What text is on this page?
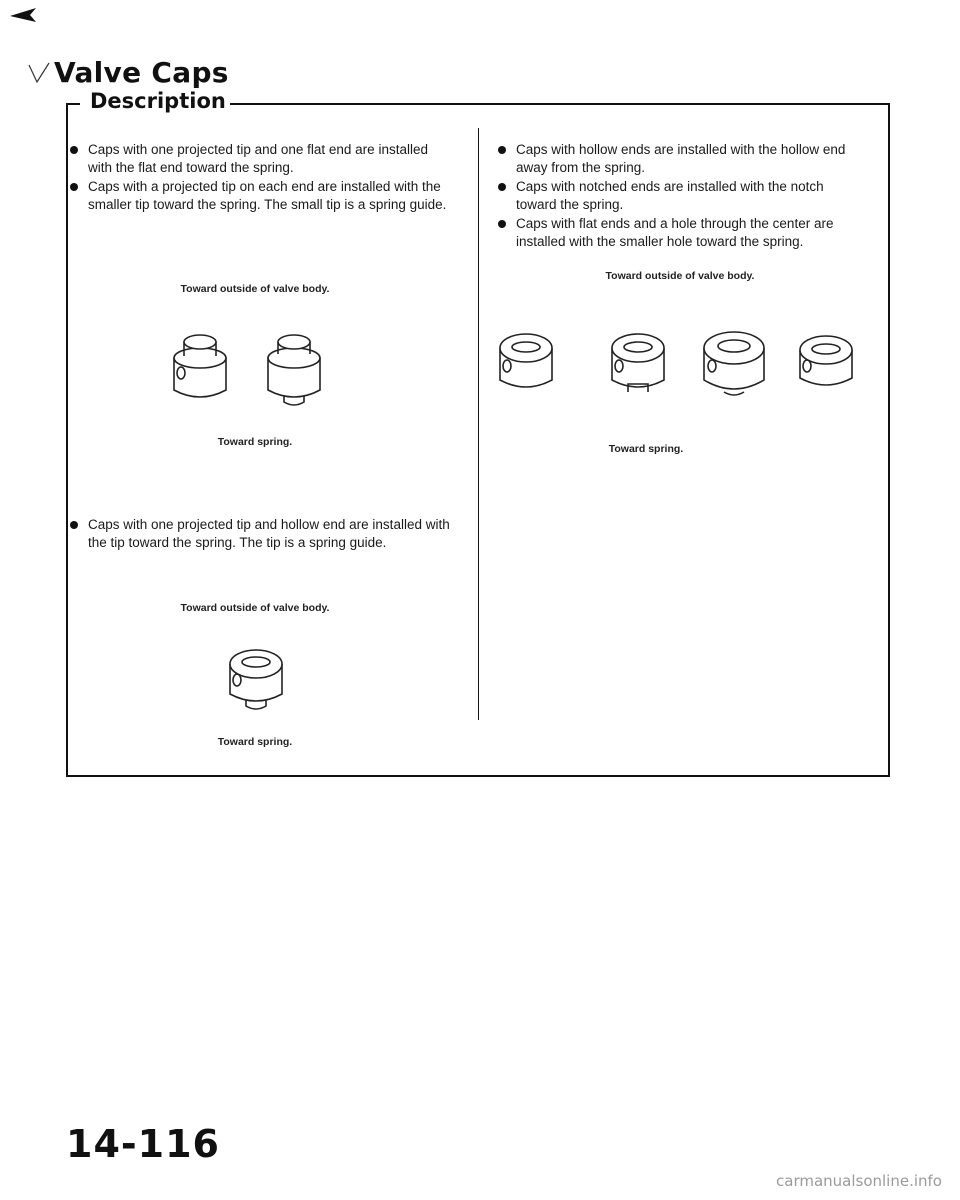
Valve Caps
Description
Caps with one projected tip and one flat end are installed with the flat end toward the spring.
Caps with a projected tip on each end are installed with the smaller tip toward the spring. The small tip is a spring guide.
Toward outside of valve body.
Toward spring.
Caps with one projected tip and hollow end are installed with the tip toward the spring. The tip is a spring guide.
Toward outside of valve body.
Toward spring.
Caps with hollow ends are installed with the hollow end away from the spring.
Caps with notched ends are installed with the notch toward the spring.
Caps with flat ends and a hole through the center are installed with the smaller hole toward the spring.
Toward outside of valve body.
Toward spring.
14-116
carmanualsonline.info
